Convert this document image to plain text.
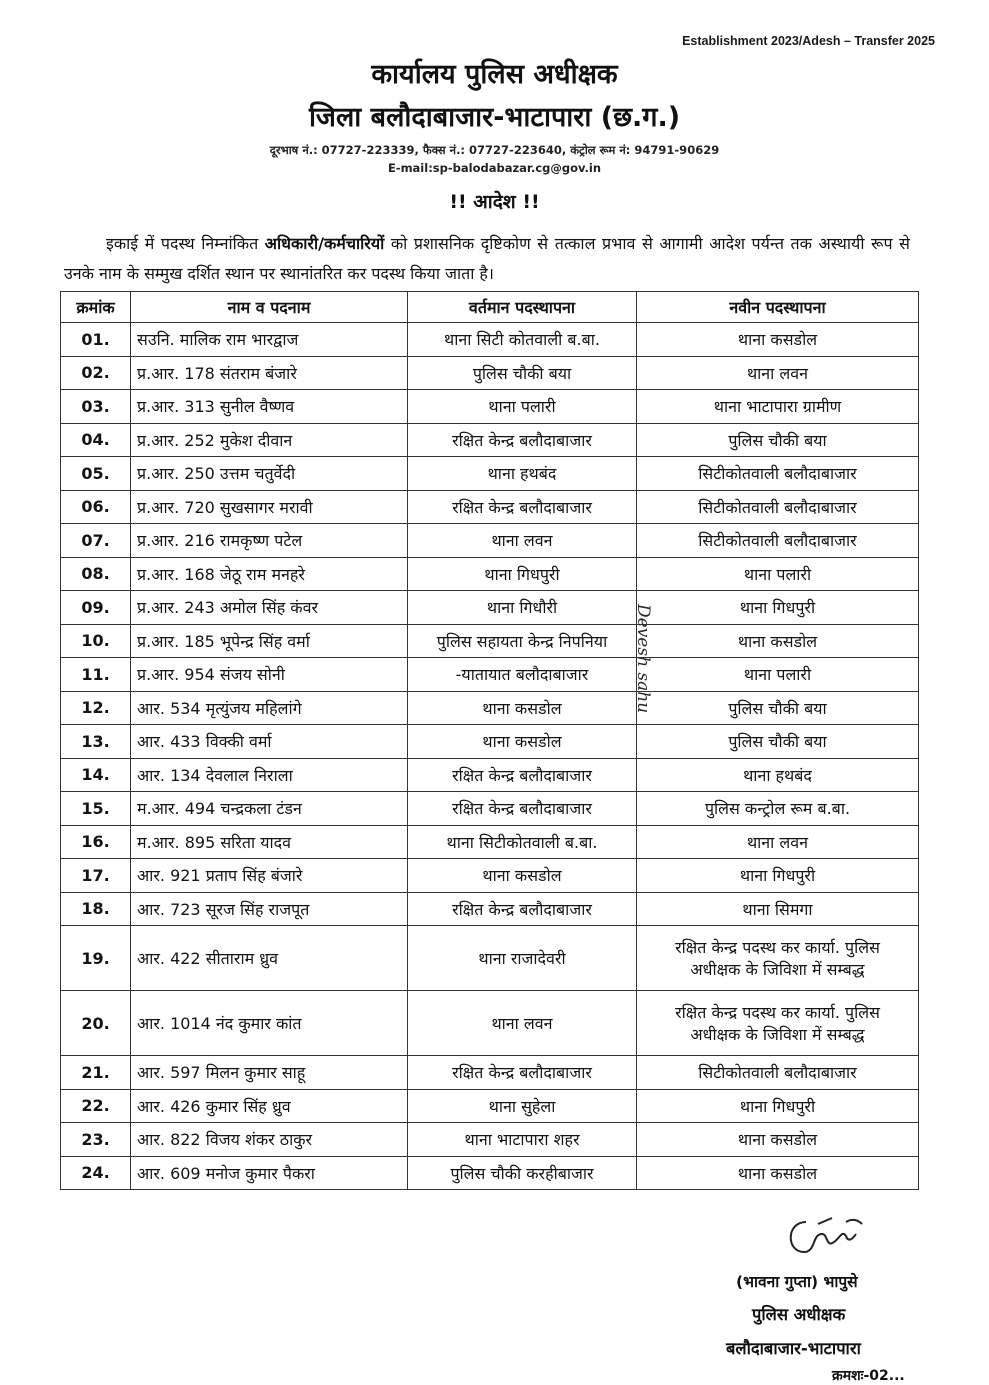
Establishment 2023/Adesh – Transfer 2025
कार्यालय पुलिस अधीक्षक
जिला बलौदाबाजार-भाटापारा (छ.ग.)
दूरभाष नं.: 07727-223339, फैक्स नं.: 07727-223640, कंट्रोल रूम नं: 94791-90629
E-mail:sp-balodabazar.cg@gov.in
!! आदेश !!
इकाई में पदस्थ निम्नांकित अधिकारी/कर्मचारियों को प्रशासनिक दृष्टिकोण से तत्काल प्रभाव से आगामी आदेश पर्यन्त तक अस्थायी रूप से उनके नाम के सम्मुख दर्शित स्थान पर स्थानांतरित कर पदस्थ किया जाता है।
क्रमांक	नाम व पदनाम	वर्तमान पदस्थापना	नवीन पदस्थापना
01.	सउनि. मालिक राम भारद्वाज	थाना सिटी कोतवाली ब.बा.	थाना कसडोल
02.	प्र.आर. 178 संतराम बंजारे	पुलिस चौकी बया	थाना लवन
03.	प्र.आर. 313 सुनील वैष्णव	थाना पलारी	थाना भाटापारा ग्रामीण
04.	प्र.आर. 252 मुकेश दीवान	रक्षित केन्द्र बलौदाबाजार	पुलिस चौकी बया
05.	प्र.आर. 250 उत्तम चतुर्वेदी	थाना हथबंद	सिटीकोतवाली बलौदाबाजार
06.	प्र.आर. 720 सुखसागर मरावी	रक्षित केन्द्र बलौदाबाजार	सिटीकोतवाली बलौदाबाजार
07.	प्र.आर. 216 रामकृष्ण पटेल	थाना लवन	सिटीकोतवाली बलौदाबाजार
08.	प्र.आर. 168 जेठू राम मनहरे	थाना गिधपुरी	थाना पलारी
09.	प्र.आर. 243 अमोल सिंह कंवर	थाना गिधौरी	थाना गिधपुरी
10.	प्र.आर. 185 भूपेन्द्र सिंह वर्मा	पुलिस सहायता केन्द्र निपनिया	थाना कसडोल
11.	प्र.आर. 954 संजय सोनी	-यातायात बलौदाबाजार	थाना पलारी
12.	आर. 534 मृत्युंजय महिलांगे	थाना कसडोल	पुलिस चौकी बया
13.	आर. 433 विक्की वर्मा	थाना कसडोल	पुलिस चौकी बया
14.	आर. 134 देवलाल निराला	रक्षित केन्द्र बलौदाबाजार	थाना हथबंद
15.	म.आर. 494 चन्द्रकला टंडन	रक्षित केन्द्र बलौदाबाजार	पुलिस कन्ट्रोल रूम ब.बा.
16.	म.आर. 895 सरिता यादव	थाना सिटीकोतवाली ब.बा.	थाना लवन
17.	आर. 921 प्रताप सिंह बंजारे	थाना कसडोल	थाना गिधपुरी
18.	आर. 723 सूरज सिंह राजपूत	रक्षित केन्द्र बलौदाबाजार	थाना सिमगा
19.	आर. 422 सीताराम ध्रुव	थाना राजादेवरी	रक्षित केन्द्र पदस्थ कर कार्या. पुलिस
अधीक्षक के जिविशा में सम्बद्ध

20.	आर. 1014 नंद कुमार कांत	थाना लवन	रक्षित केन्द्र पदस्थ कर कार्या. पुलिस
अधीक्षक के जिविशा में सम्बद्ध

21.	आर. 597 मिलन कुमार साहू	रक्षित केन्द्र बलौदाबाजार	सिटीकोतवाली बलौदाबाजार
22.	आर. 426 कुमार सिंह ध्रुव	थाना सुहेला	थाना गिधपुरी
23.	आर. 822 विजय शंकर ठाकुर	थाना भाटापारा शहर	थाना कसडोल
24.	आर. 609 मनोज कुमार पैकरा	पुलिस चौकी करहीबाजार	थाना कसडोल
Devesh sahu
(भावना गुप्ता) भापुसे
पुलिस अधीक्षक
बलौदाबाजार-भाटापारा
क्रमशः-02...
